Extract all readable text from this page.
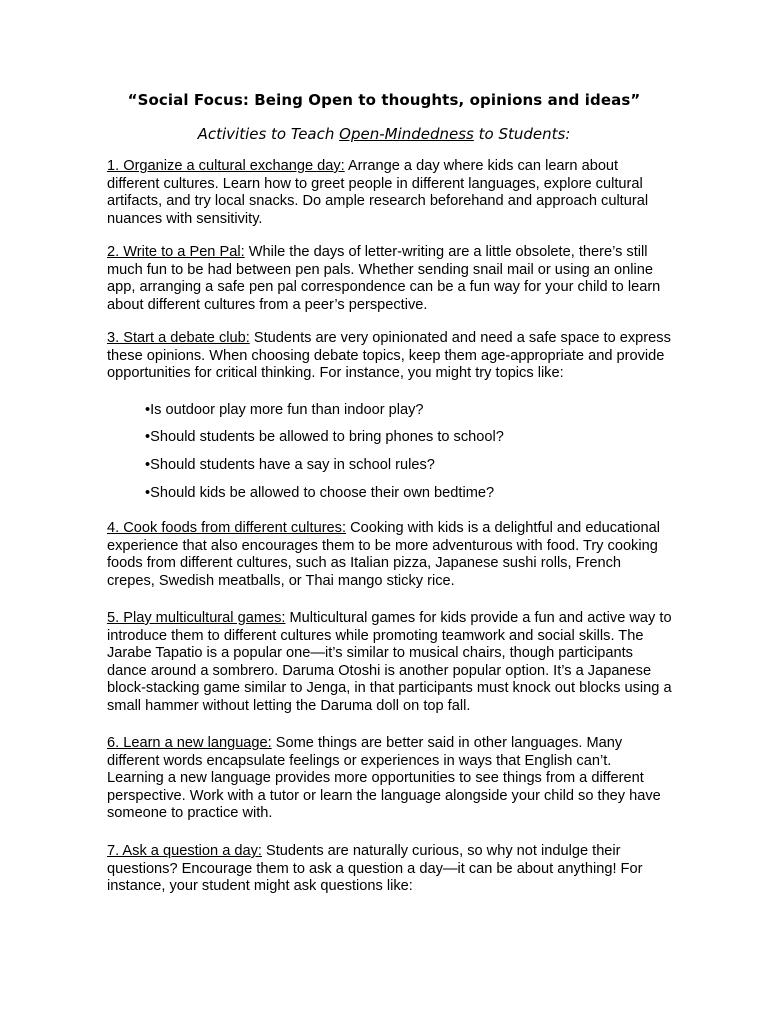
“Social Focus: Being Open to thoughts, opinions and ideas”
Activities to Teach Open-Mindedness to Students:

1. Organize a cultural exchange day: Arrange a day where kids can learn about different cultures. Learn how to greet people in different languages, explore cultural artifacts, and try local snacks. Do ample research beforehand and approach cultural nuances with sensitivity.

2. Write to a Pen Pal: While the days of letter-writing are a little obsolete, there’s still much fun to be had between pen pals. Whether sending snail mail or using an online app, arranging a safe pen pal correspondence can be a fun way for your child to learn about different cultures from a peer’s perspective.

3. Start a debate club: Students are very opinionated and need a safe space to express these opinions. When choosing debate topics, keep them age-appropriate and provide opportunities for critical thinking. For instance, you might try topics like:

•Is outdoor play more fun than indoor play?
•Should students be allowed to bring phones to school?
•Should students have a say in school rules?
•Should kids be allowed to choose their own bedtime?

4. Cook foods from different cultures: Cooking with kids is a delightful and educational experience that also encourages them to be more adventurous with food. Try cooking foods from different cultures, such as Italian pizza, Japanese sushi rolls, French crepes, Swedish meatballs, or Thai mango sticky rice.

5. Play multicultural games: Multicultural games for kids provide a fun and active way to introduce them to different cultures while promoting teamwork and social skills. The Jarabe Tapatio is a popular one—it’s similar to musical chairs, though participants dance around a sombrero. Daruma Otoshi is another popular option. It’s a Japanese block-stacking game similar to Jenga, in that participants must knock out blocks using a small hammer without letting the Daruma doll on top fall.

6. Learn a new language: Some things are better said in other languages. Many different words encapsulate feelings or experiences in ways that English can’t. Learning a new language provides more opportunities to see things from a different perspective. Work with a tutor or learn the language alongside your child so they have someone to practice with.

7. Ask a question a day: Students are naturally curious, so why not indulge their questions? Encourage them to ask a question a day—it can be about anything! For instance, your student might ask questions like:
